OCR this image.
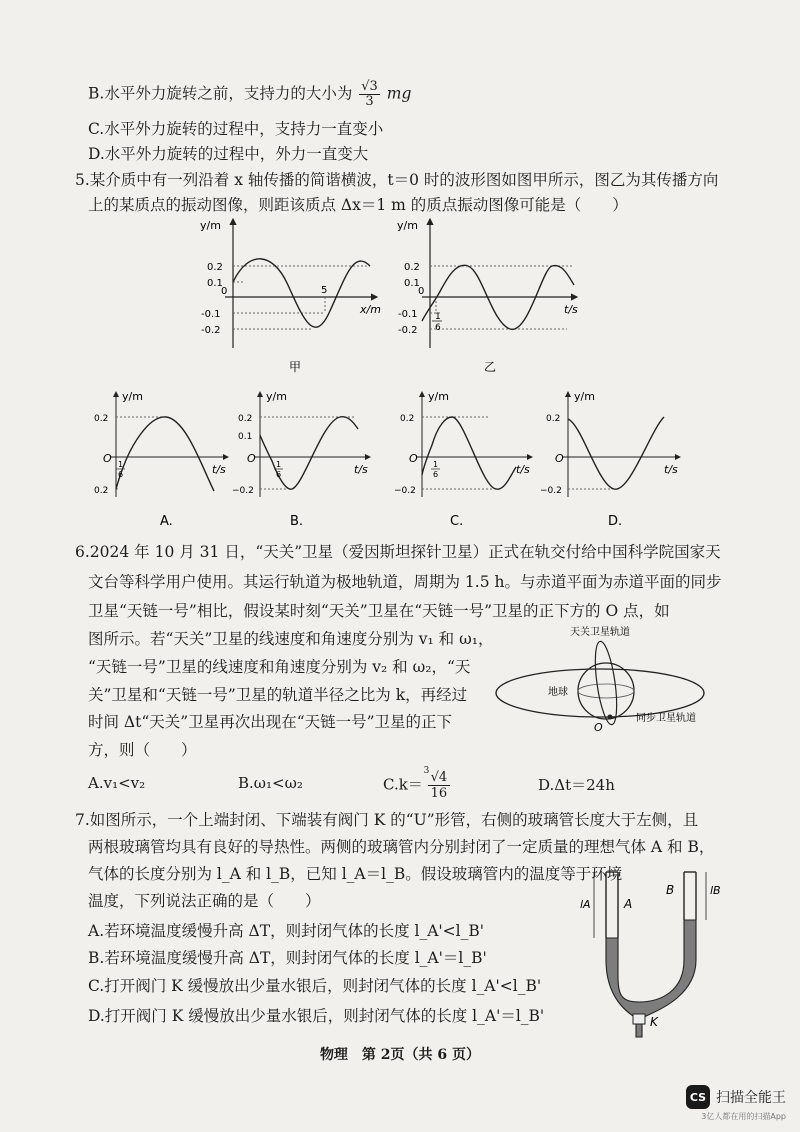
B.水平外力旋转之前，支持力的大小为 $\frac{√3}{3}$ mg
C.水平外力旋转的过程中，支持力一直变小
D.水平外力旋转的过程中，外力一直变大
5.某介质中有一列沿着 x 轴传播的简谐横波，t＝0 时的波形图如图甲所示，图乙为其传播方向
上的某质点的振动图像，则距该质点 Δx＝1 m 的质点振动图像可能是（　　）
y/m
x/m
0
0.2
0.1
-0.1
-0.2
5
甲
y/m
t/s
0
0.2
0.1
-0.1
-0.2
1
6
乙
y/m
t/s
O
0.2
0.2
1
6
A.
y/m
t/s
O
0.2
0.1
−0.2
1
6
B.
y/m
t/s
O
0.2
−0.2
1
6
C.
y/m
t/s
O
0.2
−0.2
D.
6.2024 年 10 月 31 日，“天关”卫星（爱因斯坦探针卫星）正式在轨交付给中国科学院国家天
文台等科学用户使用。其运行轨道为极地轨道，周期为 1.5 h。与赤道平面为赤道平面的同步
卫星“天链一号”相比，假设某时刻“天关”卫星在“天链一号”卫星的正下方的 O 点，如
图所示。若“天关”卫星的线速度和角速度分别为 v₁ 和 ω₁，
“天链一号”卫星的线速度和角速度分别为 v₂ 和 ω₂，“天
关”卫星和“天链一号”卫星的轨道半径之比为 k，再经过
时间 Δt“天关”卫星再次出现在“天链一号”卫星的正下
方，则（　　）
天关卫星轨道
地球
O
同步卫星轨道
A.v₁<v₂	B.ω₁<ω₂	C.k＝
3 √4
16	D.Δt＝24h
7.如图所示，一个上端封闭、下端装有阀门 K 的“U”形管，右侧的玻璃管长度大于左侧，且
两根玻璃管均具有良好的导热性。两侧的玻璃管内分别封闭了一定质量的理想气体 A 和 B，
气体的长度分别为 l_A 和 l_B，已知 l_A＝l_B。假设玻璃管内的温度等于环境
温度，下列说法正确的是（　　）
A.若环境温度缓慢升高 ΔT，则封闭气体的长度 l_A'<l_B'
B.若环境温度缓慢升高 ΔT，则封闭气体的长度 l_A'＝l_B'
C.打开阀门 K 缓慢放出少量水银后，则封闭气体的长度 l_A'<l_B'
D.打开阀门 K 缓慢放出少量水银后，则封闭气体的长度 l_A'＝l_B'
lA	A
B	lB
K
物理　第 2页（共 6 页）
CS 扫描全能王
3亿人都在用的扫描App
